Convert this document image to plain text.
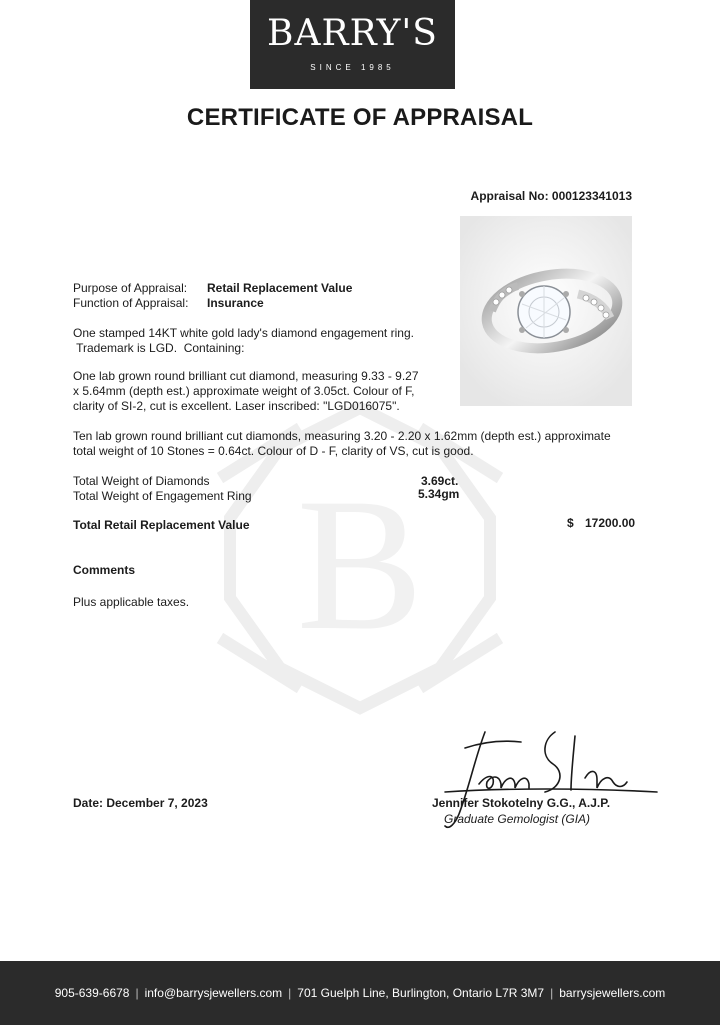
BARRY'S
SINCE 1985
CERTIFICATE OF APPRAISAL
Appraisal No: 000123341013
B
Purpose of Appraisal: Retail Replacement Value
Function of Appraisal: Insurance
One stamped 14KT white gold lady's diamond engagement ring.
Trademark is LGD.  Containing:
One lab grown round brilliant cut diamond, measuring 9.33 - 9.27
x 5.64mm (depth est.) approximate weight of 3.05ct. Colour of F,
clarity of SI-2, cut is excellent. Laser inscribed: "LGD016075".
Ten lab grown round brilliant cut diamonds, measuring 3.20 - 2.20 x 1.62mm (depth est.) approximate
total weight of 10 Stones = 0.64ct. Colour of D - F, clarity of VS, cut is good.
Total Weight of Diamonds	3.69ct.
Total Weight of Engagement Ring	5.34gm
Total Retail Replacement Value	$ 17200.00
Comments
Plus applicable taxes.
Date: December 7, 2023	Jennifer Stokotelny G.G., A.J.P.
Graduate Gemologist (GIA)
905-639-6678 | info@barrysjewellers.com | 701 Guelph Line, Burlington, Ontario L7R 3M7 | barrysjewellers.com
